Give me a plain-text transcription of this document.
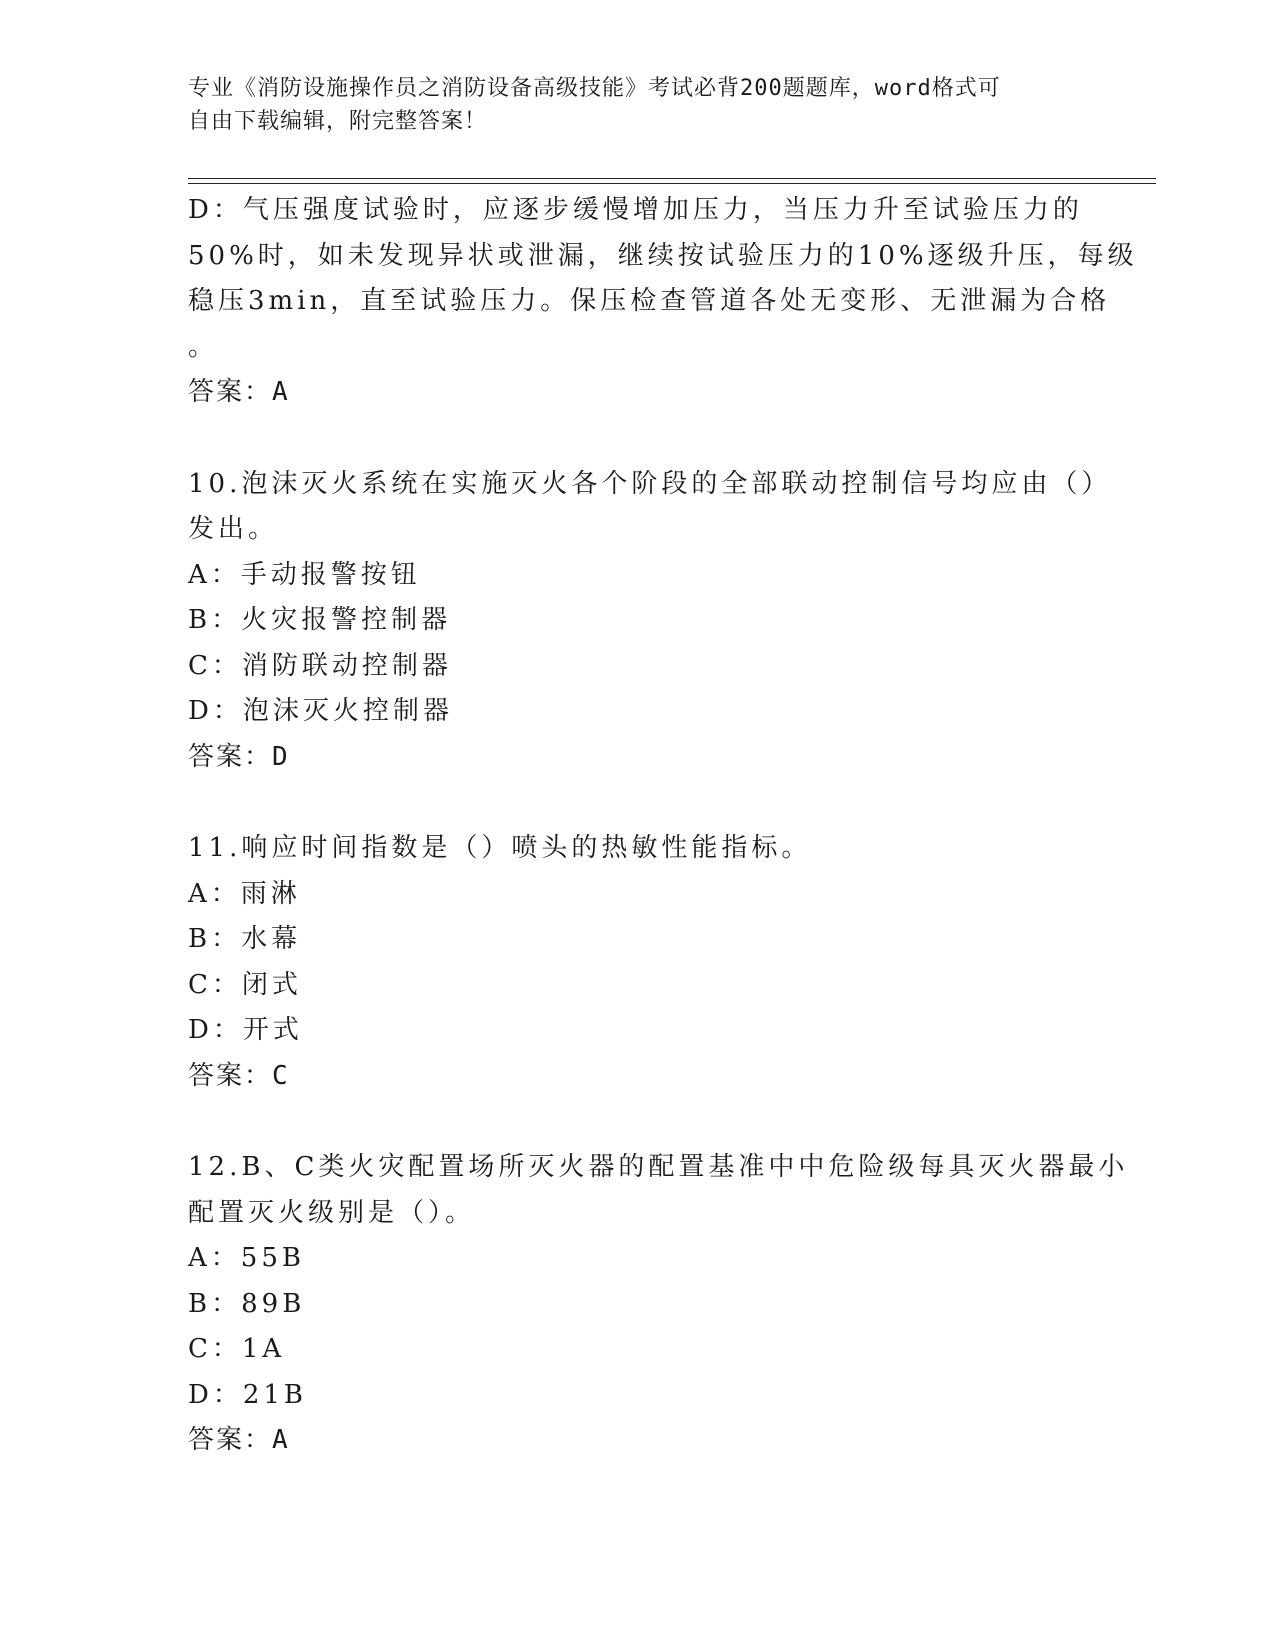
专业《消防设施操作员之消防设备高级技能》考试必背200题题库，word格式可
自由下载编辑，附完整答案！
D：气压强度试验时，应逐步缓慢增加压力，当压力升至试验压力的
50%时，如未发现异状或泄漏，继续按试验压力的10%逐级升压，每级
稳压3min，直至试验压力。保压检查管道各处无变形、无泄漏为合格
。
答案：A
10.泡沫灭火系统在实施灭火各个阶段的全部联动控制信号均应由（）
发出。
A：手动报警按钮
B：火灾报警控制器
C：消防联动控制器
D：泡沫灭火控制器
答案：D
11.响应时间指数是（）喷头的热敏性能指标。
A：雨淋
B：水幕
C：闭式
D：开式
答案：C
12.B、C类火灾配置场所灭火器的配置基准中中危险级每具灭火器最小
配置灭火级别是（）。
A：55B
B：89B
C：1A
D：21B
答案：A
